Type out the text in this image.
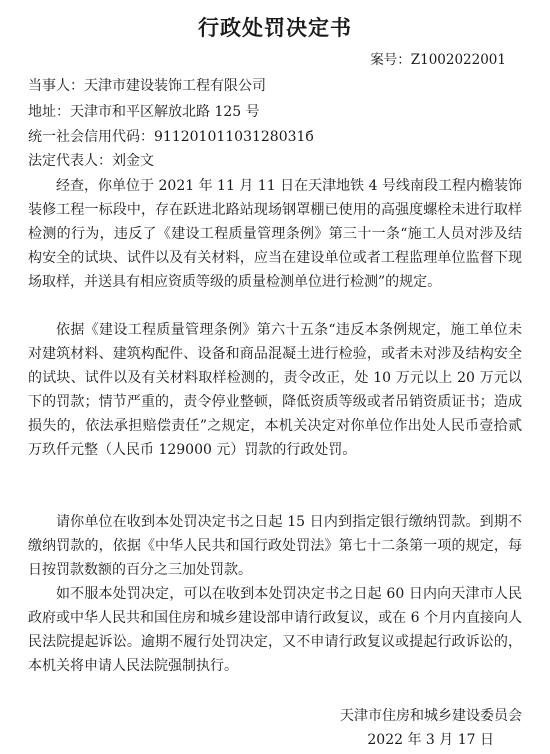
行政处罚决定书
案号：Z1002022001
当事人：天津市建设装饰工程有限公司
地址：天津市和平区解放北路 125 号
统一社会信用代码：91120101103128031б
法定代表人：刘金文

经查，你单位于 2021 年 11 月 11 日在天津地铁 4 号线南段工程内檐装饰装修工程一标段中，存在跃进北路站现场钢罩棚已使用的高强度螺栓未进行取样检测的行为，违反了《建设工程质量管理条例》第三十一条“施工人员对涉及结构安全的试块、试件以及有关材料，应当在建设单位或者工程监理单位监督下现场取样，并送具有相应资质等级的质量检测单位进行检测”的规定。

依据《建设工程质量管理条例》第六十五条“违反本条例规定，施工单位未对建筑材料、建筑构配件、设备和商品混凝土进行检验，或者未对涉及结构安全的试块、试件以及有关材料取样检测的，责令改正，处 10 万元以上 20 万元以下的罚款；情节严重的，责令停业整顿，降低资质等级或者吊销资质证书；造成损失的，依法承担赔偿责任”之规定，本机关决定对你单位作出处人民币壹拾贰万玖仟元整（人民币 129000 元）罚款的行政处罚。

请你单位在收到本处罚决定书之日起 15 日内到指定银行缴纳罚款。到期不缴纳罚款的，依据《中华人民共和国行政处罚法》第七十二条第一项的规定，每日按罚款数额的百分之三加处罚款。

如不服本处罚决定，可以在收到本处罚决定书之日起 60 日内向天津市人民政府或中华人民共和国住房和城乡建设部申请行政复议，或在 6 个月内直接向人民法院提起诉讼。逾期不履行处罚决定，又不申请行政复议或提起行政诉讼的，本机关将申请人民法院强制执行。

天津市住房和城乡建设委员会
2022 年 3 月 17 日
